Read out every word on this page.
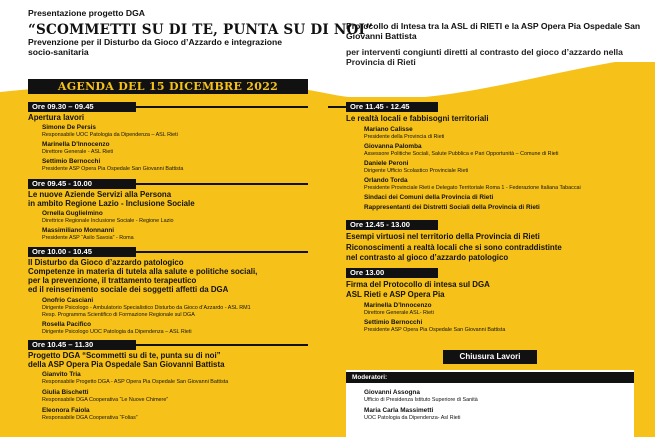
Presentazione progetto DGA
“SCOMMETTI SU DI TE, PUNTA SU DI NOI”
Prevenzione per il Disturbo da Gioco d’Azzardo e integrazione socio-sanitaria
Protocollo di Intesa tra la ASL di RIETI e la ASP Opera Pia Ospedale San Giovanni Battista
per interventi congiunti diretti al contrasto del gioco d’azzardo nella Provincia di Rieti
AGENDA DEL 15 DICEMBRE 2022
Ore 09.30 – 09.45
Apertura lavori
Simone De Persis
Responsabile UOC Patologia da Dipendenza – ASL Rieti
Marinella D’Innocenzo
Direttore Generale - ASL Rieti
Settimio Bernocchi
Presidente ASP Opera Pia Ospedale San Giovanni Battista
Ore 09.45 - 10.00
Le nuove Aziende Servizi alla Persona
in ambito Regione Lazio - Inclusione Sociale
Ornella Guglielmino
Direttrice Regionale Inclusione Sociale - Regione Lazio
Massimiliano Monnanni
Presidente ASP “Asilo Savoia” - Roma
Ore 10.00 - 10.45
Il Disturbo da Gioco d’azzardo patologico
Competenze in materia di tutela alla salute e politiche sociali,
per la prevenzione, il trattamento terapeutico
ed il reinserimento sociale dei soggetti affetti da DGA
Onofrio Casciani
Dirigente Psicologo - Ambulatorio Specialistico Disturbo da Gioco d’Azzardo - ASL RM1
Resp. Programma Scientifico di Formazione Regionale sul DGA
Rosella Pacifico
Dirigente Psicologo UOC Patologia da Dipendenza – ASL Rieti
Ore 10.45 – 11.30
Progetto DGA “Scommetti su di te, punta su di noi”
della ASP Opera Pia Ospedale San Giovanni Battista
Gianvito Tria
Responsabile Progetto DGA - ASP Opera Pia Ospedale San Giovanni Battista
Giulia Bischetti
Responsabile DGA Cooperativa “Le Nuove Chimere”
Eleonora Faiola
Responsabile DGA Cooperativa “Folias”
Ore 11.45 - 12.45
Le realtà locali e fabbisogni territoriali
Mariano Calisse
Presidente della Provincia di Rieti
Giovanna Palomba
Assessore Politiche Sociali, Salute Pubblica e Pari Opportunità – Comune di Rieti
Daniele Peroni
Dirigente Ufficio Scolastico Provinciale Rieti
Orlando Torda
Presidente Provinciale Rieti e Delegato Territoriale Roma 1 - Federazione Italiana Tabaccai
Sindaci dei Comuni della Provincia di Rieti
Rappresentanti dei Distretti Sociali della Provincia di Rieti
Ore 12.45 - 13.00
Esempi virtuosi nel territorio della Provincia di Rieti
Riconoscimenti a realtà locali che si sono contraddistinte
nel contrasto al gioco d’azzardo patologico
Ore 13.00
Firma del Protocollo di intesa sul DGA
ASL Rieti e ASP Opera Pia
Marinella D’Innocenzo
Direttore Generale ASL- Rieti
Settimio Bernocchi
Presidente ASP Opera Pia Ospedale San Giovanni Battista
Chiusura Lavori
Moderatori:
Giovanni Assogna
Ufficio di Presidenza Istituto Superiore di Sanità
Maria Carla Massimetti
UOC Patologia da Dipendenza- Asl Rieti
